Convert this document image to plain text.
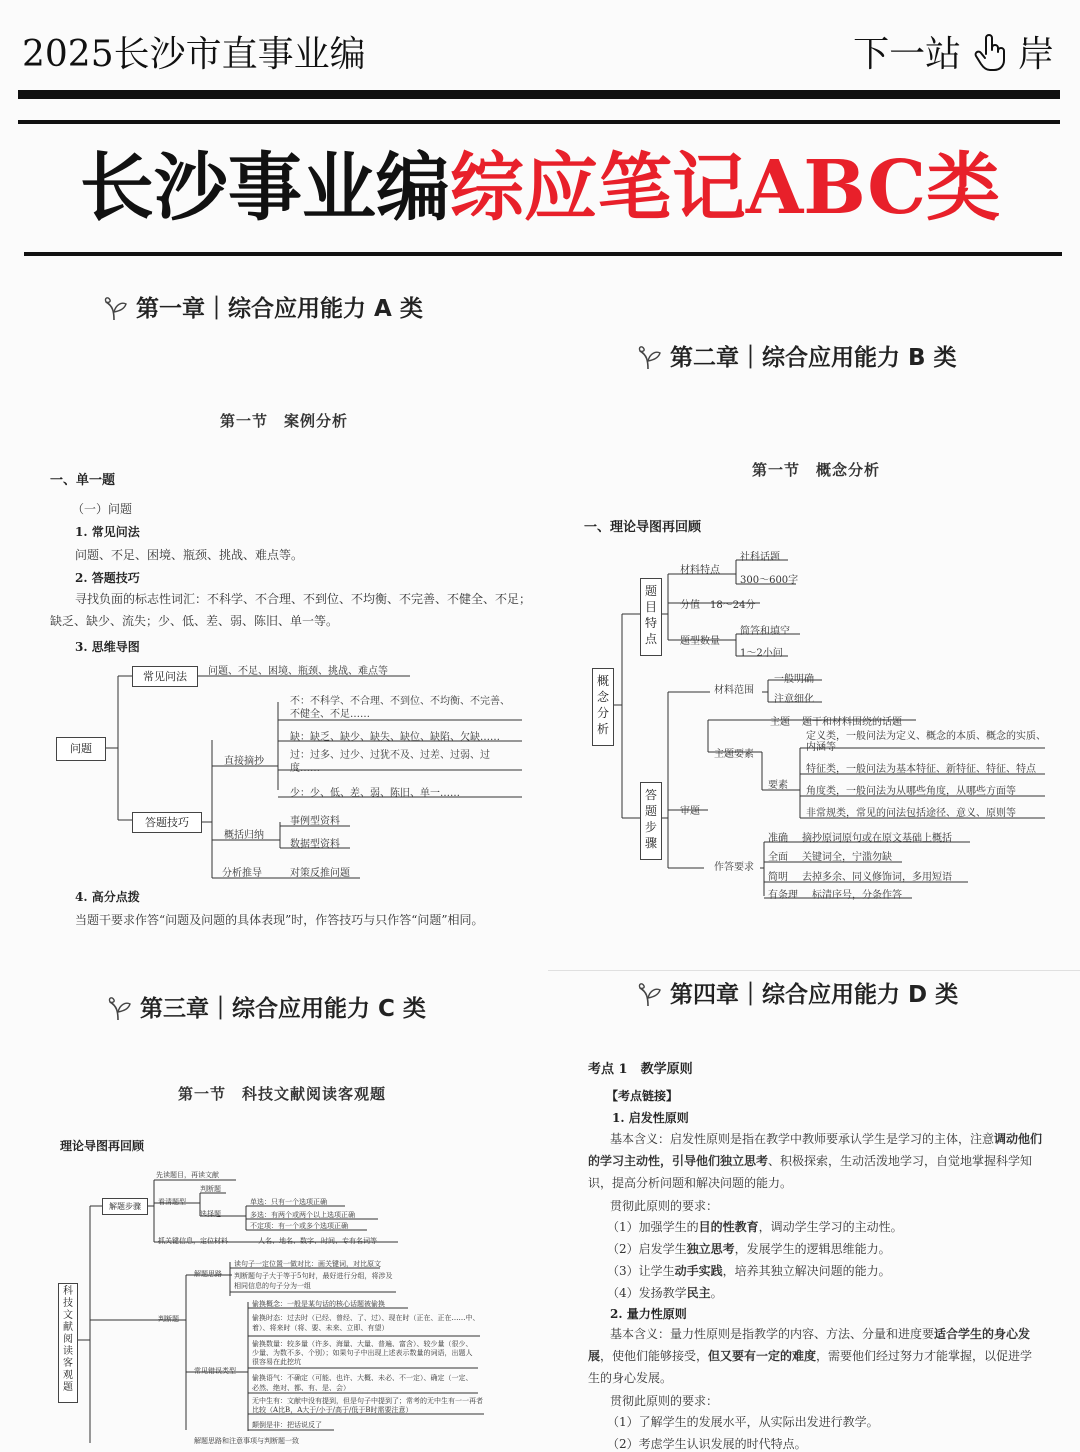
2025长沙市直事业编	下一站 岸
长沙事业编综应笔记ABC类
第一章｜综合应用能力 A 类
第一节　案例分析
一、单一题
（一）问题
1. 常见问法
问题、不足、困境、瓶颈、挑战、难点等。
2. 答题技巧
寻找负面的标志性词汇：不科学、不合理、不到位、不均衡、不完善、不健全、不足；缺乏、缺少、流失；少、低、差、弱、陈旧、单一等。
3. 思维导图
问题
常见问法	问题、不足、困境、瓶颈、挑战、难点等
答题技巧
直接摘抄
不：不科学、不合理、不到位、不均衡、不完善、不健全、不足……
缺：缺乏、缺少、缺失、缺位、缺陷、欠缺……
过：过多、过少、过犹不及、过差、过弱、过度……
少：少、低、差、弱、陈旧、单一……
概括归纳
事例型资料
数据型资料
分析推导	对策反推问题
4. 高分点拨
当题干要求作答“问题及问题的具体表现”时，作答技巧与只作答“问题”相同。
第二章｜综合应用能力 B 类
第一节　概念分析
一、理论导图再回顾
概念分析
题目特点
答题步骤
材料特点
社科话题
300～600字
分值　18～24分
题型数量
简答和填空
1～2小问
材料范围
一般明确
注意细化
审题
主题 题干和材料围绕的话题
主题要素
要素
定义类，一般问法为定义、概念的本质、概念的实质、内涵等
特征类，一般问法为基本特征、新特征、特征、特点
角度类，一般问法为从哪些角度，从哪些方面等
非常规类，常见的问法包括途径、意义、原则等
作答要求
准确 摘抄原词原句或在原文基础上概括
全面 关键词全，宁滥勿缺
简明 去掉多余、同义修饰词，多用短语
有条理 标清序号，分条作答
第三章｜综合应用能力 C 类
第一节　科技文献阅读客观题
理论导图再回顾
科技文献阅读客观题
解题步骤
判断题
先读题目，再读文献
判断题
看清题型
选择题
单选：只有一个选项正确
多选：有两个或两个以上选项正确
不定项：有一个或多个选项正确
抓关键信息，定位材料	人名、地名、数字、时间、专有名词等
解题思路
读句子一定位置一做对比：画关键词，对比原文
判断题句子大于等于5句时，最好进行分组，将涉及相同信息的句子分为一组
常见错误类型
偷换概念：一般是某句话的核心话题被偷换
偷换时态：过去时（已经、曾经、了、过）、现在时（正在、正在……中、着）、将来时（将、要、未来、立即、有望）
偷换数量：较多量（许多、海量、大量、普遍、富含）、较少量（很少、少量、为数不多、个别）；如果句子中出现上述表示数量的词语，出题人很容易在此挖坑
偷换语气：不确定（可能、也许、大概、未必、不一定）、确定（一定、必然、绝对、都、有、是、会）
无中生有：文献中没有提到，但是句子中提到了；常考的无中生有一一再者比较（A比B，A大于/小于/高于/低于B时需要注意）
颠倒是非：把话说反了
解题思路和注意事项与判断题一致
第四章｜综合应用能力 D 类
考点 1　教学原则
【考点链接】
1. 启发性原则
基本含义：启发性原则是指在教学中教师要承认学生是学习的主体，注意调动他们的学习主动性，引导他们独立思考、积极探索，生动活泼地学习，自觉地掌握科学知识，提高分析问题和解决问题的能力。
贯彻此原则的要求：
（1）加强学生的目的性教育，调动学生学习的主动性。
（2）启发学生独立思考，发展学生的逻辑思维能力。
（3）让学生动手实践，培养其独立解决问题的能力。
（4）发扬教学民主。
2. 量力性原则
基本含义：量力性原则是指教学的内容、方法、分量和进度要适合学生的身心发展，使他们能够接受，但又要有一定的难度，需要他们经过努力才能掌握，以促进学生的身心发展。
贯彻此原则的要求：
（1）了解学生的发展水平，从实际出发进行教学。
（2）考虑学生认识发展的时代特点。
